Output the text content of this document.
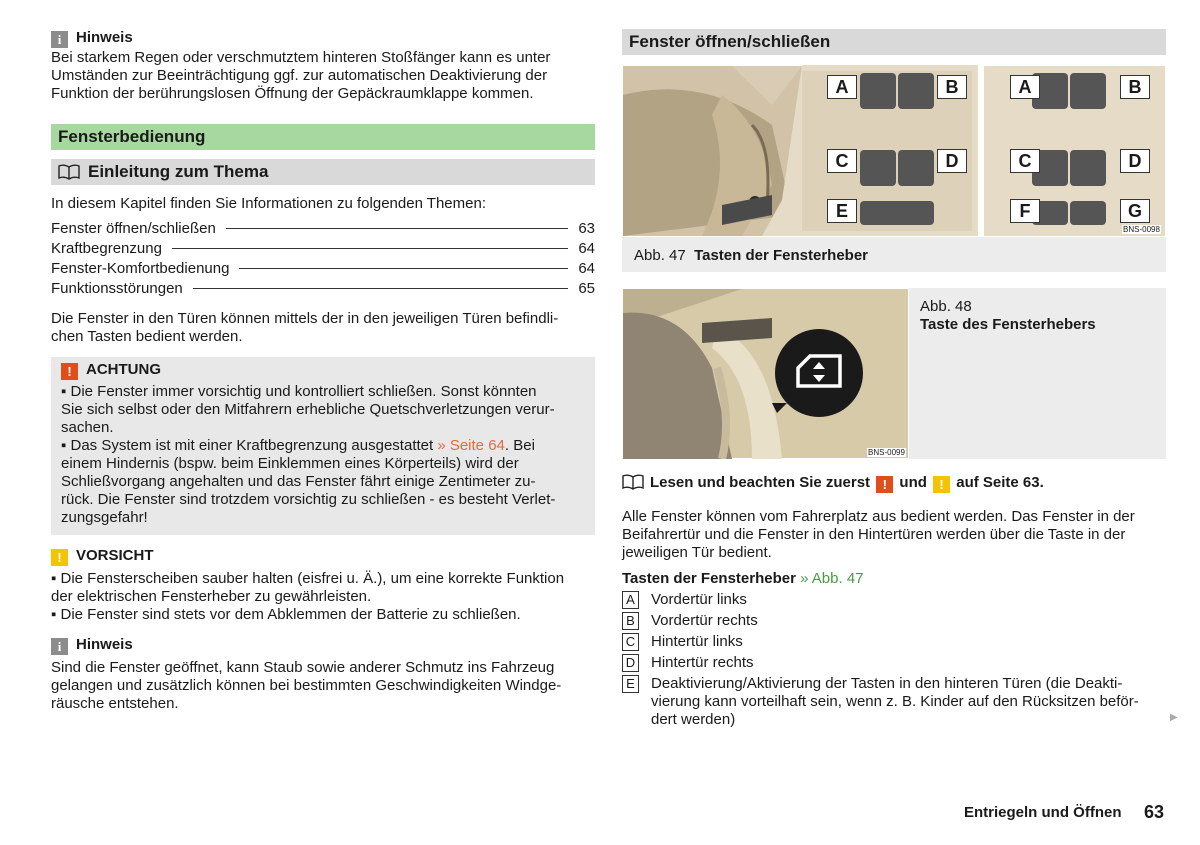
i Hinweis
Bei starkem Regen oder verschmutztem hinteren Stoßfänger kann es unter
Umständen zur Beeinträchtigung ggf. zur automatischen Deaktivierung der
Funktion der berührungslosen Öffnung der Gepäckraumklappe kommen.
Fensterbedienung
Einleitung zum Thema
In diesem Kapitel finden Sie Informationen zu folgenden Themen:
Fenster öffnen/schließen	63
Kraftbegrenzung	64
Fenster-Komfortbedienung	64
Funktionsstörungen	65
Die Fenster in den Türen können mittels der in den jeweiligen Türen befindli-
chen Tasten bedient werden.
! ACHTUNG
▪ Die Fenster immer vorsichtig und kontrolliert schließen. Sonst könnten
Sie sich selbst oder den Mitfahrern erhebliche Quetschverletzungen verur-
sachen.
▪ Das System ist mit einer Kraftbegrenzung ausgestattet » Seite 64. Bei
einem Hindernis (bspw. beim Einklemmen eines Körperteils) wird der
Schließvorgang angehalten und das Fenster fährt einige Zentimeter zu-
rück. Die Fenster sind trotzdem vorsichtig zu schließen - es besteht Verlet-
zungsgefahr!
! VORSICHT
▪ Die Fensterscheiben sauber halten (eisfrei u. Ä.), um eine korrekte Funktion
der elektrischen Fensterheber zu gewährleisten.
▪ Die Fenster sind stets vor dem Abklemmen der Batterie zu schließen.
i Hinweis
Sind die Fenster geöffnet, kann Staub sowie anderer Schmutz ins Fahrzeug
gelangen und zusätzlich können bei bestimmten Geschwindigkeiten Windge-
räusche entstehen.
Fenster öffnen/schließen
A	B
C	D
E
A	B
C	D
F	G
BNS-0098
Abb. 47 Tasten der Fensterheber
BNS-0099
Abb. 48
Taste des Fensterhebers
Lesen und beachten Sie zuerst ! und ! auf Seite 63.
Alle Fenster können vom Fahrerplatz aus bedient werden. Das Fenster in der
Beifahrertür und die Fenster in den Hintertüren werden über die Taste in der
jeweiligen Tür bedient.
Tasten der Fensterheber » Abb. 47
A Vordertür links
B Vordertür rechts
C Hintertür links
D Hintertür rechts
E Deaktivierung/Aktivierung der Tasten in den hinteren Türen (die Deakti-
vierung kann vorteilhaft sein, wenn z. B. Kinder auf den Rücksitzen beför-
dert werden)	▶
Entriegeln und Öffnen 63
